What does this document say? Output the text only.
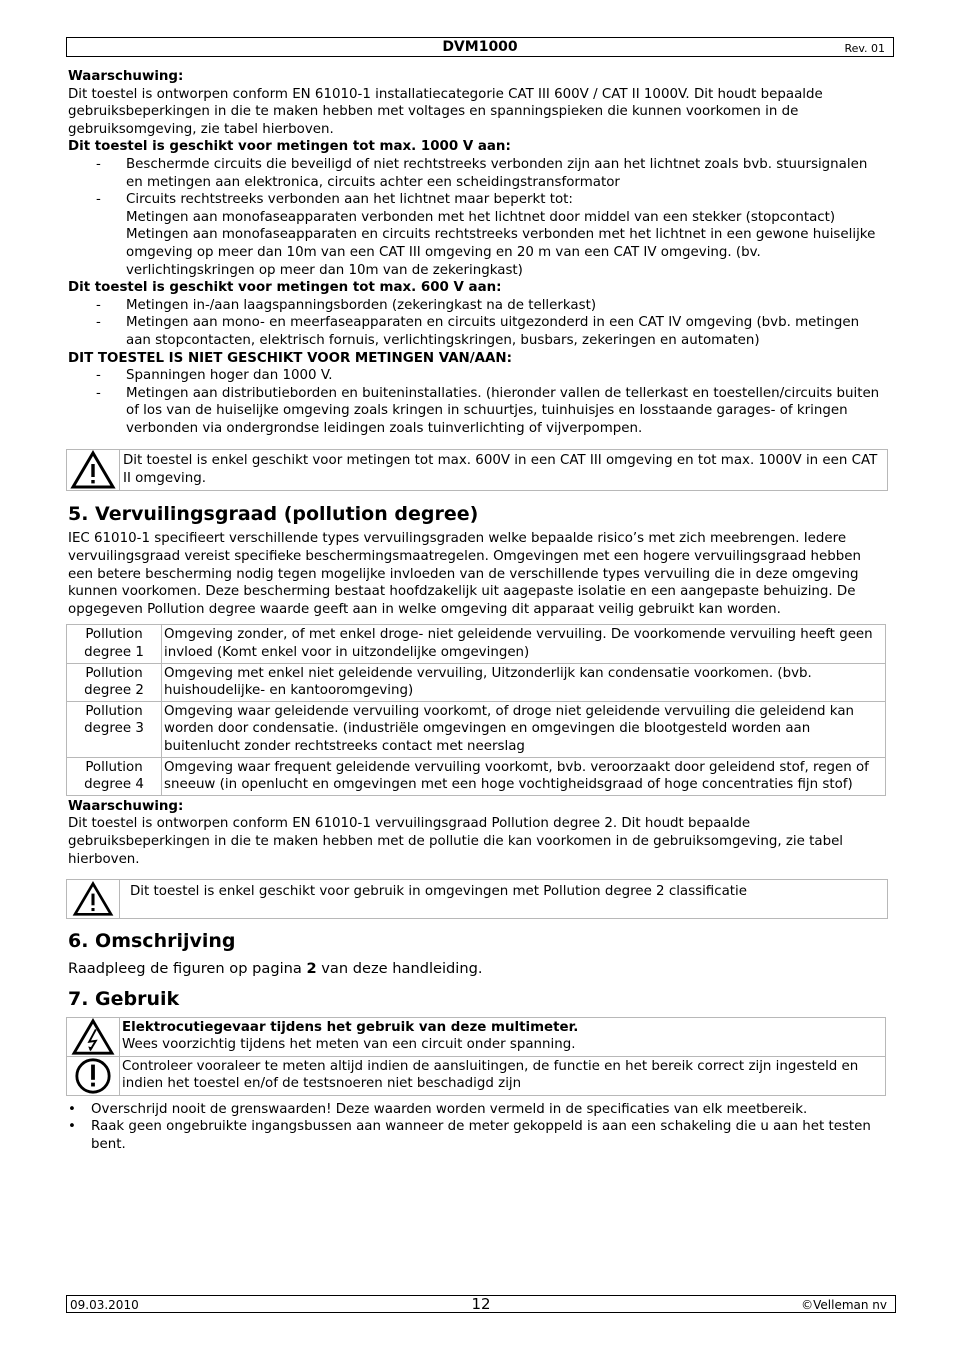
DVM1000	Rev. 01

Waarschuwing:

Dit toestel is ontworpen conform EN 61010-1 installatiecategorie CAT III 600V / CAT II 1000V. Dit houdt bepaalde gebruiksbeperkingen in die te maken hebben met voltages en spanningspieken die kunnen voorkomen in de gebruiksomgeving, zie tabel hierboven.

Dit toestel is geschikt voor metingen tot max. 1000 V aan:

- Beschermde circuits die beveiligd of niet rechtstreeks verbonden zijn aan het lichtnet zoals bvb. stuursignalen en metingen aan elektronica, circuits achter een scheidingstransformator
- Circuits rechtstreeks verbonden aan het lichtnet maar beperkt tot:
Metingen aan monofaseapparaten verbonden met het lichtnet door middel van een stekker (stopcontact)
Metingen aan monofaseapparaten en circuits rechtstreeks verbonden met het lichtnet in een gewone huiselijke omgeving op meer dan 10m van een CAT III omgeving en 20 m van een CAT IV omgeving. (bv. verlichtingskringen op meer dan 10m van de zekeringkast)

Dit toestel is geschikt voor metingen tot max. 600 V aan:

- Metingen in-/aan laagspanningsborden (zekeringkast na de tellerkast)
- Metingen aan mono- en meerfaseapparaten en circuits uitgezonderd in een CAT IV omgeving (bvb. metingen aan stopcontacten, elektrisch fornuis, verlichtingskringen, busbars, zekeringen en automaten)

DIT TOESTEL IS NIET GESCHIKT VOOR METINGEN VAN/AAN:

- Spanningen hoger dan 1000 V.
- Metingen aan distributieborden en buiteninstallaties. (hieronder vallen de tellerkast en toestellen/circuits buiten of los van de huiselijke omgeving zoals kringen in schuurtjes, tuinhuisjes en losstaande garages- of kringen verbonden via ondergrondse leidingen zoals tuinverlichting of vijverpompen.
Dit toestel is enkel geschikt voor metingen tot max. 600V in een CAT III omgeving en tot max. 1000V in een CAT II omgeving.
5. Vervuilingsgraad (pollution degree)

IEC 61010-1 specifieert verschillende types vervuilingsgraden welke bepaalde risico’s met zich meebrengen. Iedere vervuilingsgraad vereist specifieke beschermingsmaatregelen. Omgevingen met een hogere vervuilingsgraad hebben een betere bescherming nodig tegen mogelijke invloeden van de verschillende types vervuiling die in deze omgeving kunnen voorkomen. Deze bescherming bestaat hoofdzakelijk uit aagepaste isolatie en een aangepaste behuizing. De opgegeven Pollution degree waarde geeft aan in welke omgeving dit apparaat veilig gebruikt kan worden.

Pollution degree 1	Omgeving zonder, of met enkel droge- niet geleidende vervuiling. De voorkomende vervuiling heeft geen invloed (Komt enkel voor in uitzondelijke omgevingen)
Pollution degree 2	Omgeving met enkel niet geleidende vervuiling, Uitzonderlijk kan condensatie voorkomen. (bvb. huishoudelijke- en kantooromgeving)
Pollution degree 3	Omgeving waar geleidende vervuiling voorkomt, of droge niet geleidende vervuiling die geleidend kan worden door condensatie. (industriële omgevingen en omgevingen die blootgesteld worden aan buitenlucht zonder rechtstreeks contact met neerslag
Pollution degree 4	Omgeving waar frequent geleidende vervuiling voorkomt, bvb. veroorzaakt door geleidend stof, regen of sneeuw (in openlucht en omgevingen met een hoge vochtigheidsgraad of hoge concentraties fijn stof)

Waarschuwing:

Dit toestel is ontworpen conform EN 61010-1 vervuilingsgraad Pollution degree 2. Dit houdt bepaalde gebruiksbeperkingen in die te maken hebben met de pollutie die kan voorkomen in de gebruiksomgeving, zie tabel hierboven.

Dit toestel is enkel geschikt voor gebruik in omgevingen met Pollution degree 2 classificatie
6. Omschrijving

Raadpleeg de figuren op pagina 2 van deze handleiding.

7. Gebruik
Elektrocutiegevaar tijdens het gebruik van deze multimeter.
Wees voorzichtig tijdens het meten van een circuit onder spanning.
Controleer vooraleer te meten altijd indien de aansluitingen, de functie en het bereik correct zijn ingesteld en indien het toestel en/of de testsnoeren niet beschadigd zijn
• Overschrijd nooit de grenswaarden! Deze waarden worden vermeld in de specificaties van elk meetbereik.
• Raak geen ongebruikte ingangsbussen aan wanneer de meter gekoppeld is aan een schakeling die u aan het testen bent.
09.03.2010	12	©Velleman nv
